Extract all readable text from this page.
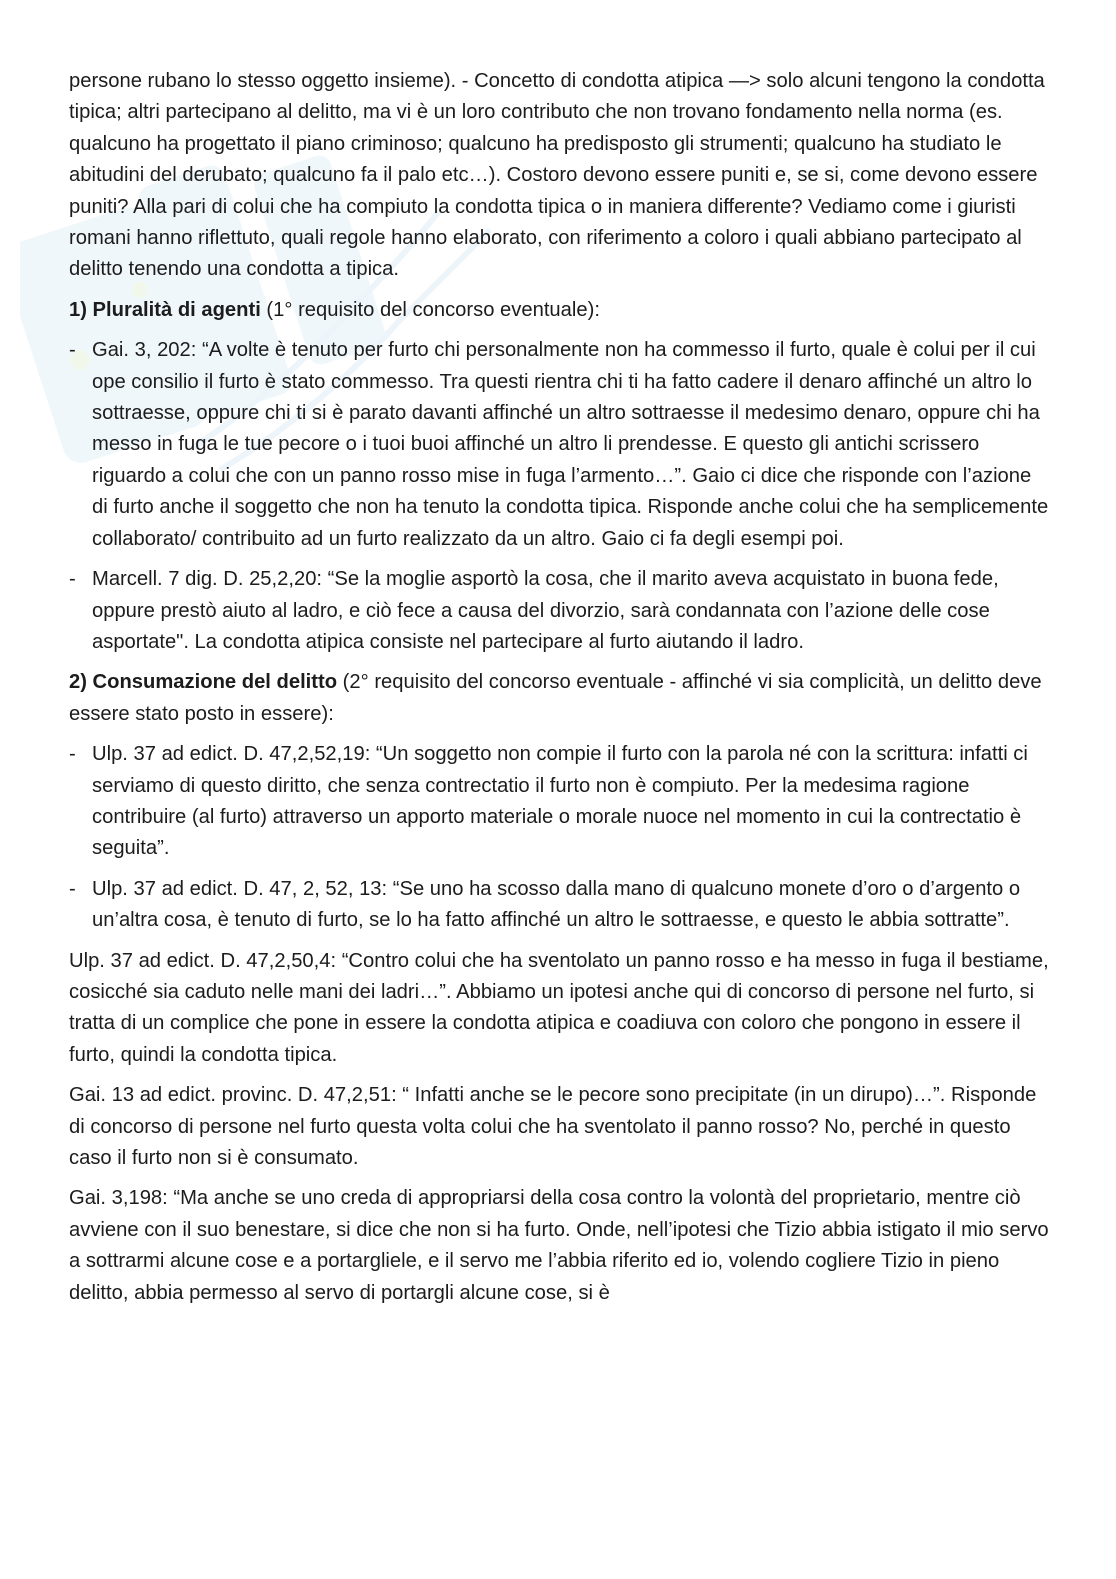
persone rubano lo stesso oggetto insieme). - Concetto di condotta atipica —> solo alcuni tengono la condotta tipica; altri partecipano al delitto, ma vi è un loro contributo che non trovano fondamento nella norma (es. qualcuno ha progettato il piano criminoso; qualcuno ha predisposto gli strumenti; qualcuno ha studiato le abitudini del derubato; qualcuno fa il palo etc…). Costoro devono essere puniti e, se si, come devono essere puniti? Alla pari di colui che ha compiuto la condotta tipica o in maniera differente? Vediamo come i giuristi romani hanno riflettuto, quali regole hanno elaborato, con riferimento a coloro i quali abbiano partecipato al delitto tenendo una condotta a tipica.

1) Pluralità di agenti (1° requisito del concorso eventuale):

- Gai. 3, 202: “A volte è tenuto per furto chi personalmente non ha commesso il furto, quale è colui per il cui ope consilio il furto è stato commesso. Tra questi rientra chi ti ha fatto cadere il denaro affinché un altro lo sottraesse, oppure chi ti si è parato davanti affinché un altro sottraesse il medesimo denaro, oppure chi ha messo in fuga le tue pecore o i tuoi buoi affinché un altro li prendesse. E questo gli antichi scrissero riguardo a colui che con un panno rosso mise in fuga l’armento…”. Gaio ci dice che risponde con l’azione di furto anche il soggetto che non ha tenuto la condotta tipica. Risponde anche colui che ha semplicemente collaborato/ contribuito ad un furto realizzato da un altro. Gaio ci fa degli esempi poi.
- Marcell. 7 dig. D. 25,2,20: “Se la moglie asportò la cosa, che il marito aveva acquistato in buona fede, oppure prestò aiuto al ladro, e ciò fece a causa del divorzio, sarà condannata con l’azione delle cose asportate". La condotta atipica consiste nel partecipare al furto aiutando il ladro.

2) Consumazione del delitto (2° requisito del concorso eventuale - affinché vi sia complicità, un delitto deve essere stato posto in essere):

- Ulp. 37 ad edict. D. 47,2,52,19: “Un soggetto non compie il furto con la parola né con la scrittura: infatti ci serviamo di questo diritto, che senza contrectatio il furto non è compiuto. Per la medesima ragione contribuire (al furto) attraverso un apporto materiale o morale nuoce nel momento in cui la contrectatio è seguita”.
- Ulp. 37 ad edict. D. 47, 2, 52, 13: “Se uno ha scosso dalla mano di qualcuno monete d’oro o d’argento o un’altra cosa, è tenuto di furto, se lo ha fatto affinché un altro le sottraesse, e questo le abbia sottratte”.

Ulp. 37 ad edict. D. 47,2,50,4: “Contro colui che ha sventolato un panno rosso e ha messo in fuga il bestiame, cosicché sia caduto nelle mani dei ladri…”. Abbiamo un ipotesi anche qui di concorso di persone nel furto, si tratta di un complice che pone in essere la condotta atipica e coadiuva con coloro che pongono in essere il furto, quindi la condotta tipica.

Gai. 13 ad edict. provinc. D. 47,2,51: “ Infatti anche se le pecore sono precipitate (in un dirupo)…”. Risponde di concorso di persone nel furto questa volta colui che ha sventolato il panno rosso? No, perché in questo caso il furto non si è consumato.

Gai. 3,198: “Ma anche se uno creda di appropriarsi della cosa contro la volontà del proprietario, mentre ciò avviene con il suo benestare, si dice che non si ha furto. Onde, nell’ipotesi che Tizio abbia istigato il mio servo a sottrarmi alcune cose e a portargliele, e il servo me l’abbia riferito ed io, volendo cogliere Tizio in pieno delitto, abbia permesso al servo di portargli alcune cose, si è
